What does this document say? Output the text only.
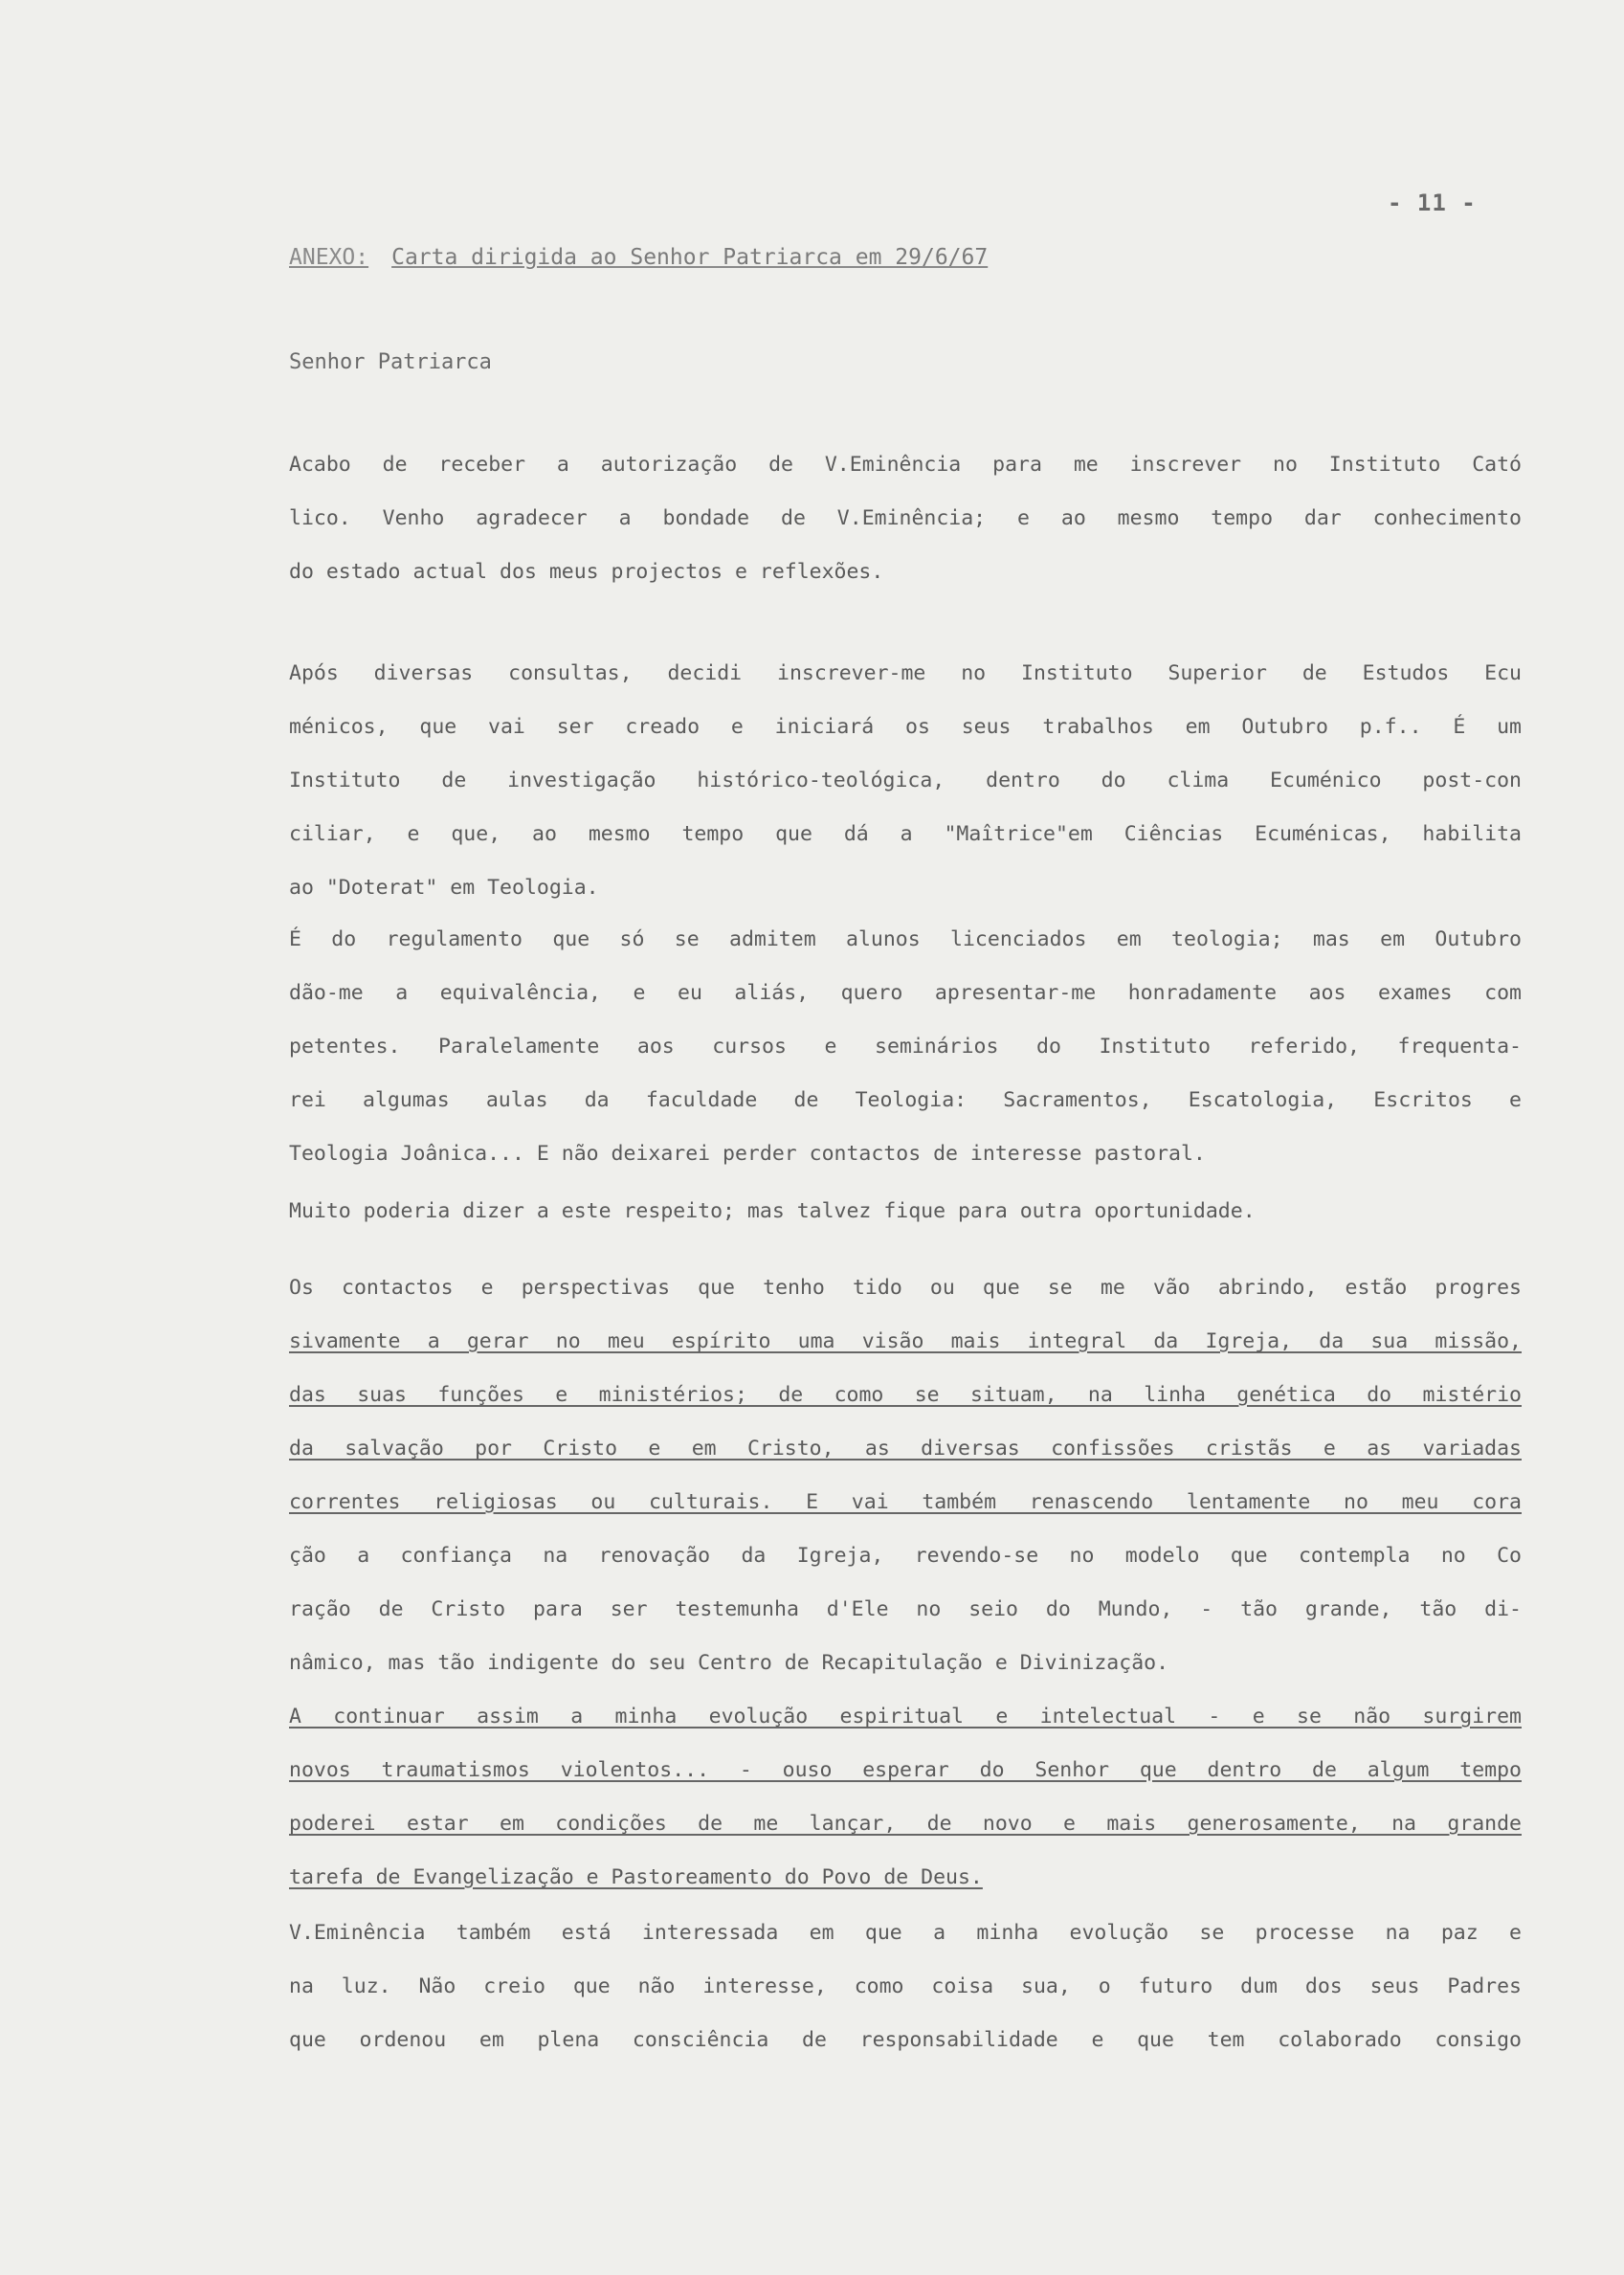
- 11 -
ANEXO: Carta dirigida ao Senhor Patriarca em 29/6/67
Senhor Patriarca
Acabo de receber a autorização de V.Eminência para me inscrever no Instituto Cató
lico. Venho agradecer a bondade de V.Eminência; e ao mesmo tempo dar conhecimento
do estado actual dos meus projectos e reflexões.
Após diversas consultas, decidi inscrever-me no Instituto Superior de Estudos Ecu
ménicos, que vai ser creado e iniciará os seus trabalhos em Outubro p.f.. É um
Instituto de investigação histórico-teológica, dentro do clima Ecuménico post-con
ciliar, e que, ao mesmo tempo que dá a "Maîtrice"em Ciências Ecuménicas, habilita
ao "Doterat" em Teologia.
É do regulamento que só se admitem alunos licenciados em teologia; mas em Outubro
dão-me a equivalência, e eu aliás, quero apresentar-me honradamente aos exames com
petentes. Paralelamente aos cursos e seminários do Instituto referido, frequenta-
rei algumas aulas da faculdade de Teologia: Sacramentos, Escatologia, Escritos e
Teologia Joânica... E não deixarei perder contactos de interesse pastoral.
Muito poderia dizer a este respeito; mas talvez fique para outra oportunidade.
Os contactos e perspectivas que tenho tido ou que se me vão abrindo, estão progres
sivamente a gerar no meu espírito uma visão mais integral da Igreja, da sua missão,
das suas funções e ministérios; de como se situam, na linha genética do mistério
da salvação por Cristo e em Cristo, as diversas confissões cristãs e as variadas
correntes religiosas ou culturais. E vai também renascendo lentamente no meu cora
ção a confiança na renovação da Igreja, revendo-se no modelo que contempla no Co
ração de Cristo para ser testemunha d'Ele no seio do Mundo, - tão grande, tão di-
nâmico, mas tão indigente do seu Centro de Recapitulação e Divinização.
A continuar assim a minha evolução espiritual e intelectual - e se não surgirem
novos traumatismos violentos... - ouso esperar do Senhor que dentro de algum tempo
poderei estar em condições de me lançar, de novo e mais generosamente, na grande
tarefa de Evangelização e Pastoreamento do Povo de Deus.
V.Eminência também está interessada em que a minha evolução se processe na paz e
na luz. Não creio que não interesse, como coisa sua, o futuro dum dos seus Padres
que ordenou em plena consciência de responsabilidade e que tem colaborado consigo
